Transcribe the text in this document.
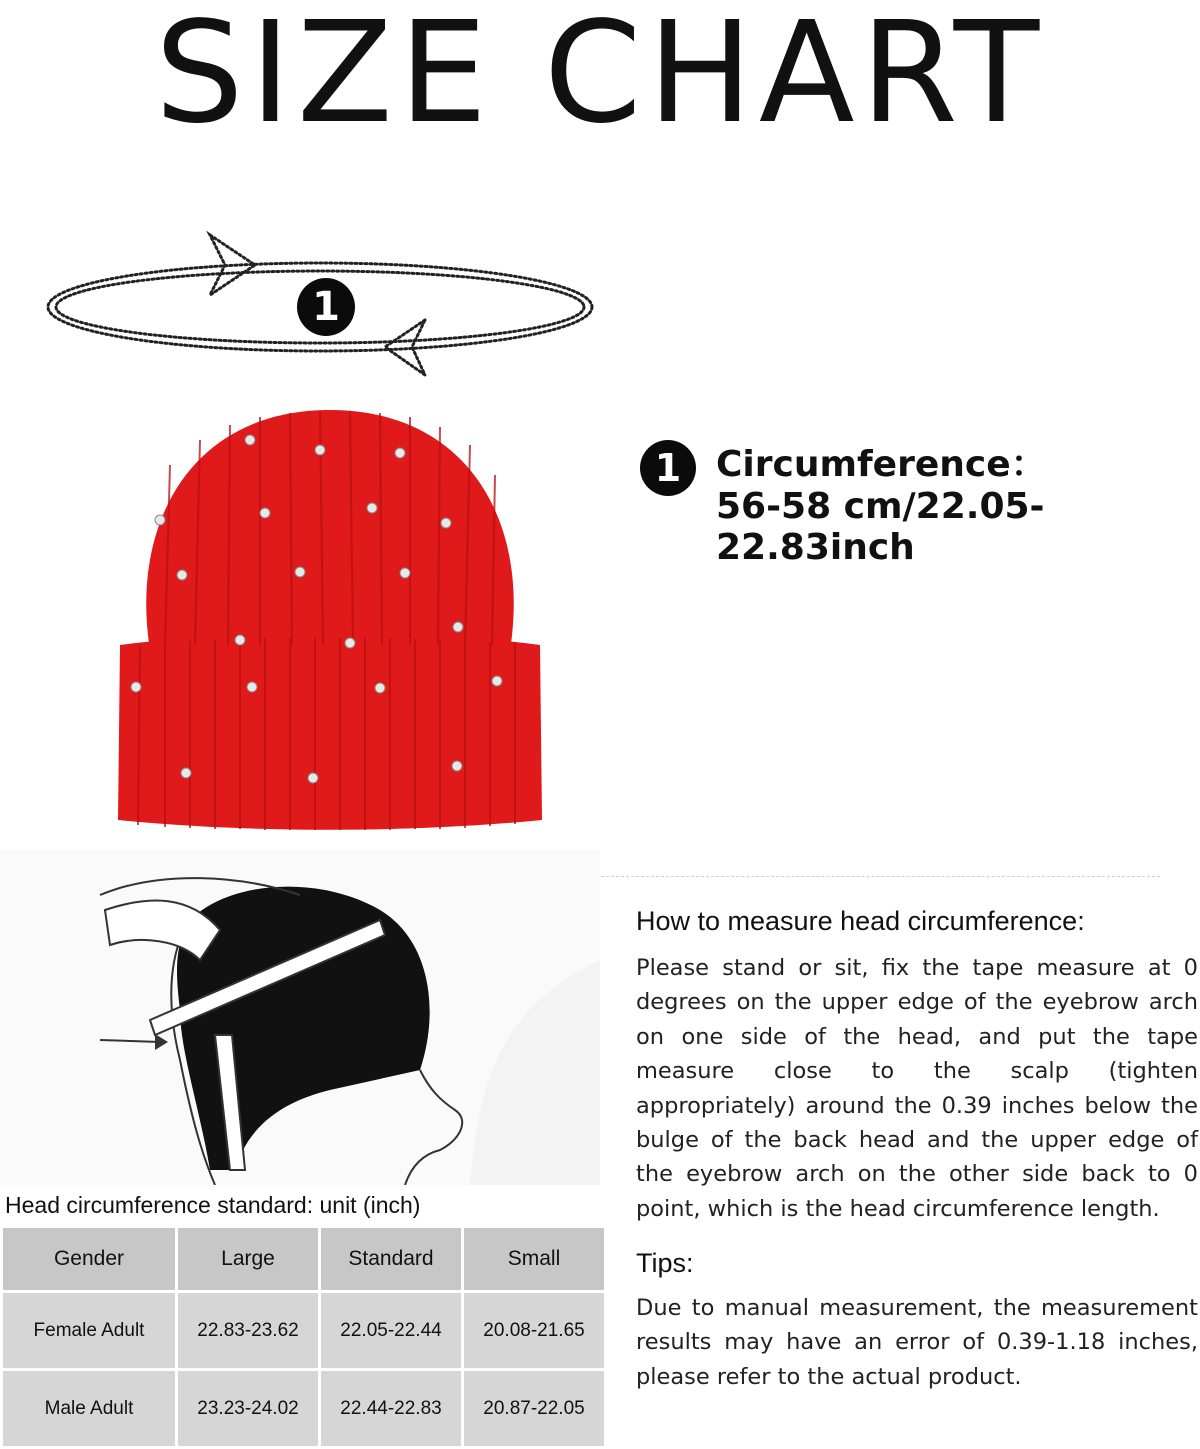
SIZE CHART
1
1 Circumference：
56-58 cm/22.05-22.83inch
How to measure head circumference:
Please stand or sit, fix the tape measure at 0 degrees on the upper edge of the eyebrow arch on one side of the head, and put the tape measure close to the scalp (tighten appropriately) around the 0.39 inches below the bulge of the back head and the upper edge of the eyebrow arch on the other side back to 0 point, which is the head circumference length.
Tips:
Due to manual measurement, the measurement results may have an error of 0.39-1.18 inches, please refer to the actual product.
Head circumference standard: unit (inch)
Gender	Large	Standard	Small
Female Adult	22.83-23.62	22.05-22.44	20.08-21.65
Male Adult	23.23-24.02	22.44-22.83	20.87-22.05
